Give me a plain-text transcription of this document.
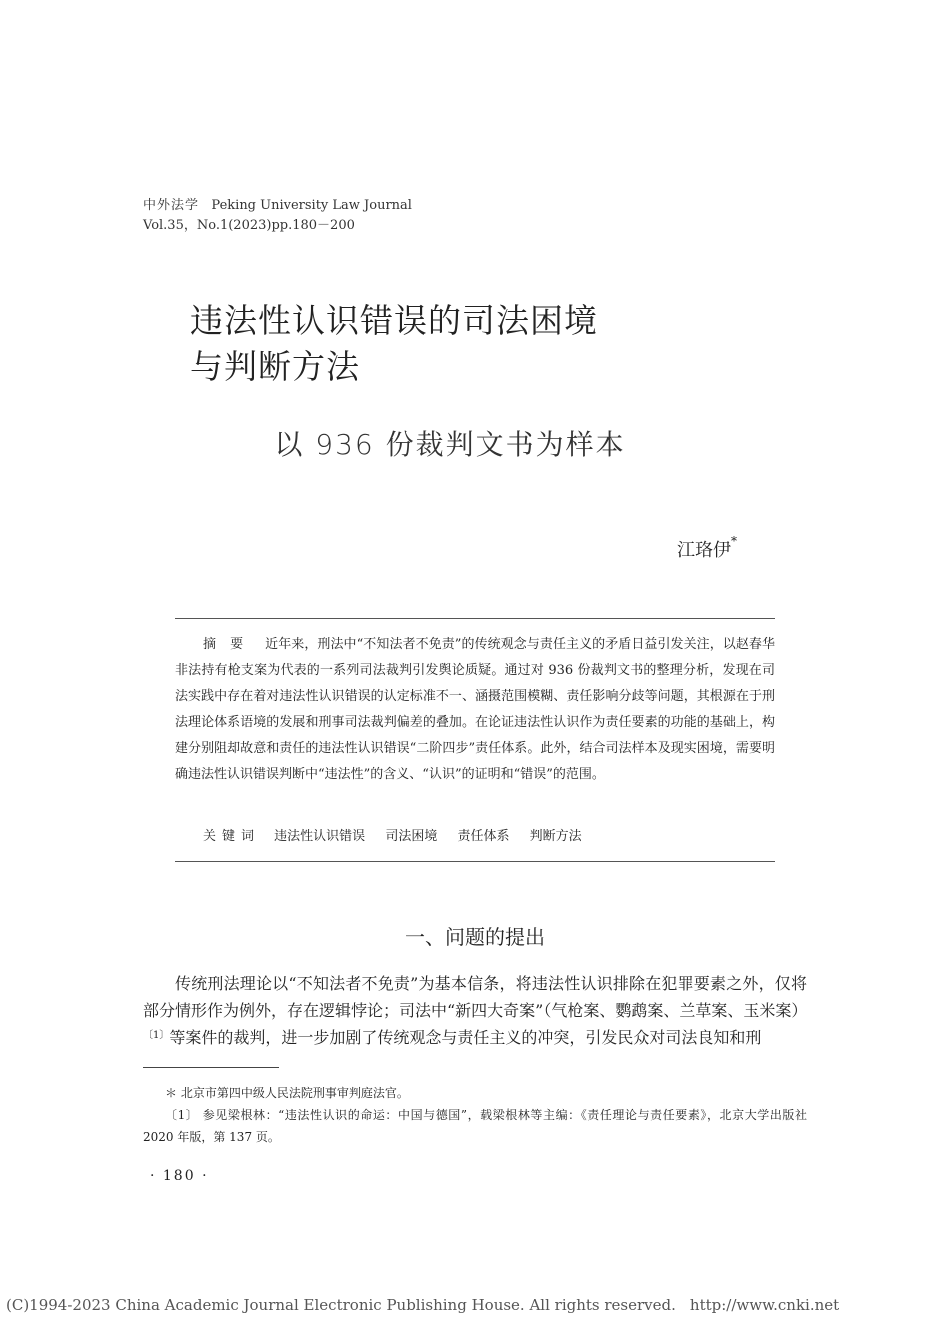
中外法学 Peking University Law Journal
Vol.35，No.1(2023)pp.180－200
违法性认识错误的司法困境
与判断方法
以 936 份裁判文书为样本
江珞伊*
摘要 近年来，刑法中“不知法者不免责”的传统观念与责任主义的矛盾日益引发关注，以赵春华非法持有枪支案为代表的一系列司法裁判引发舆论质疑。通过对 936 份裁判文书的整理分析，发现在司法实践中存在着对违法性认识错误的认定标准不一、涵摄范围模糊、责任影响分歧等问题，其根源在于刑法理论体系语境的发展和刑事司法裁判偏差的叠加。在论证违法性认识作为责任要素的功能的基础上，构建分别阻却故意和责任的违法性认识错误“二阶四步”责任体系。此外，结合司法样本及现实困境，需要明确违法性认识错误判断中“违法性”的含义、“认识”的证明和“错误”的范围。
关键词 违法性认识错误 司法困境 责任体系 判断方法
一、问题的提出

传统刑法理论以“不知法者不免责”为基本信条，将违法性认识排除在犯罪要素之外，仅将部分情形作为例外，存在逻辑悖论；司法中“新四大奇案”（气枪案、鹦鹉案、兰草案、玉米案）$^{〔1〕}$等案件的裁判，进一步加剧了传统观念与责任主义的冲突，引发民众对司法良知和刑

＊ 北京市第四中级人民法院刑事审判庭法官。

〔1〕 参见梁根林：“违法性认识的命运：中国与德国”，载梁根林等主编：《责任理论与责任要素》，北京大学出版社 2020 年版，第 137 页。

· 180 ·
(C)1994-2023 China Academic Journal Electronic Publishing House. All rights reserved. http://www.cnki.net
